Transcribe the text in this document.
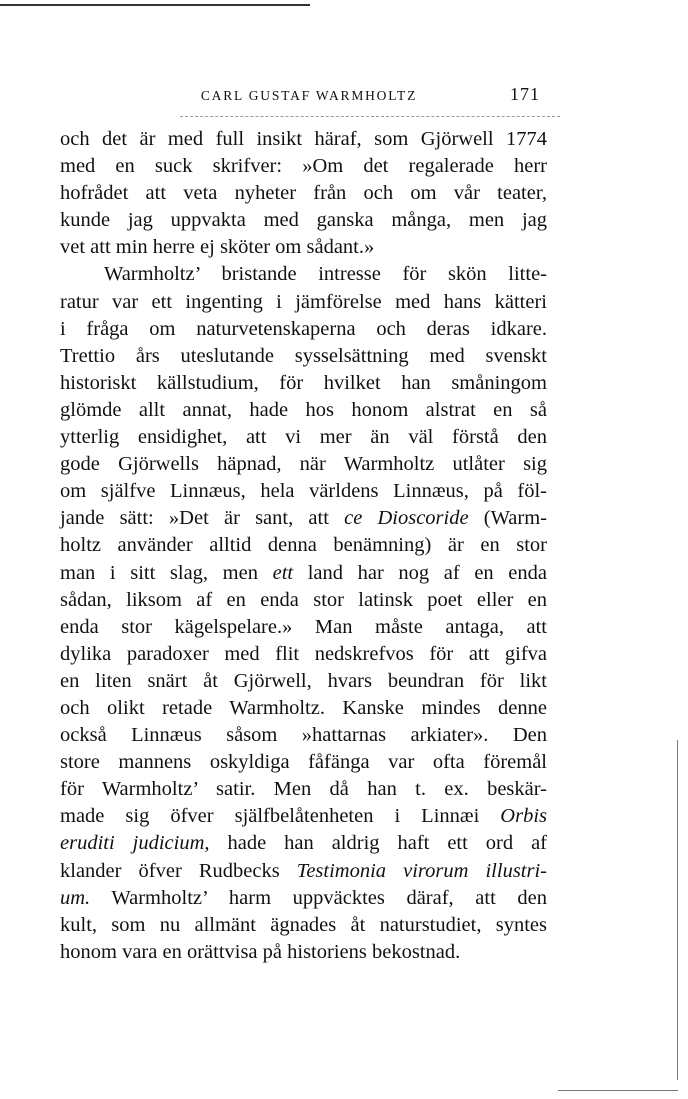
CARL GUSTAF WARMHOLTZ	171
och det är med full insikt häraf, som Gjörwell 1774
med en suck skrifver: »Om det regalerade herr
hofrådet att veta nyheter från och om vår teater,
kunde jag uppvakta med ganska många, men jag
vet att min herre ej sköter om sådant.»
Warmholtz’ bristande intresse för skön litte-
ratur var ett ingenting i jämförelse med hans kätteri
i fråga om naturvetenskaperna och deras idkare.
Trettio års uteslutande sysselsättning med svenskt
historiskt källstudium, för hvilket han småningom
glömde allt annat, hade hos honom alstrat en så
ytterlig ensidighet, att vi mer än väl förstå den
gode Gjörwells häpnad, när Warmholtz utlåter sig
om själfve Linnæus, hela världens Linnæus, på föl-
jande sätt: »Det är sant, att ce Dioscoride (Warm-
holtz använder alltid denna benämning) är en stor
man i sitt slag, men ett land har nog af en enda
sådan, liksom af en enda stor latinsk poet eller en
enda stor kägelspelare.» Man måste antaga, att
dylika paradoxer med flit nedskrefvos för att gifva
en liten snärt åt Gjörwell, hvars beundran för likt
och olikt retade Warmholtz. Kanske mindes denne
också Linnæus såsom »hattarnas arkiater». Den
store mannens oskyldiga fåfänga var ofta föremål
för Warmholtz’ satir. Men då han t. ex. beskär-
made sig öfver själfbelåtenheten i Linnæi Orbis
eruditi judicium, hade han aldrig haft ett ord af
klander öfver Rudbecks Testimonia virorum illustri-
um. Warmholtz’ harm uppväcktes däraf, att den
kult, som nu allmänt ägnades åt naturstudiet, syntes
honom vara en orättvisa på historiens bekostnad.
